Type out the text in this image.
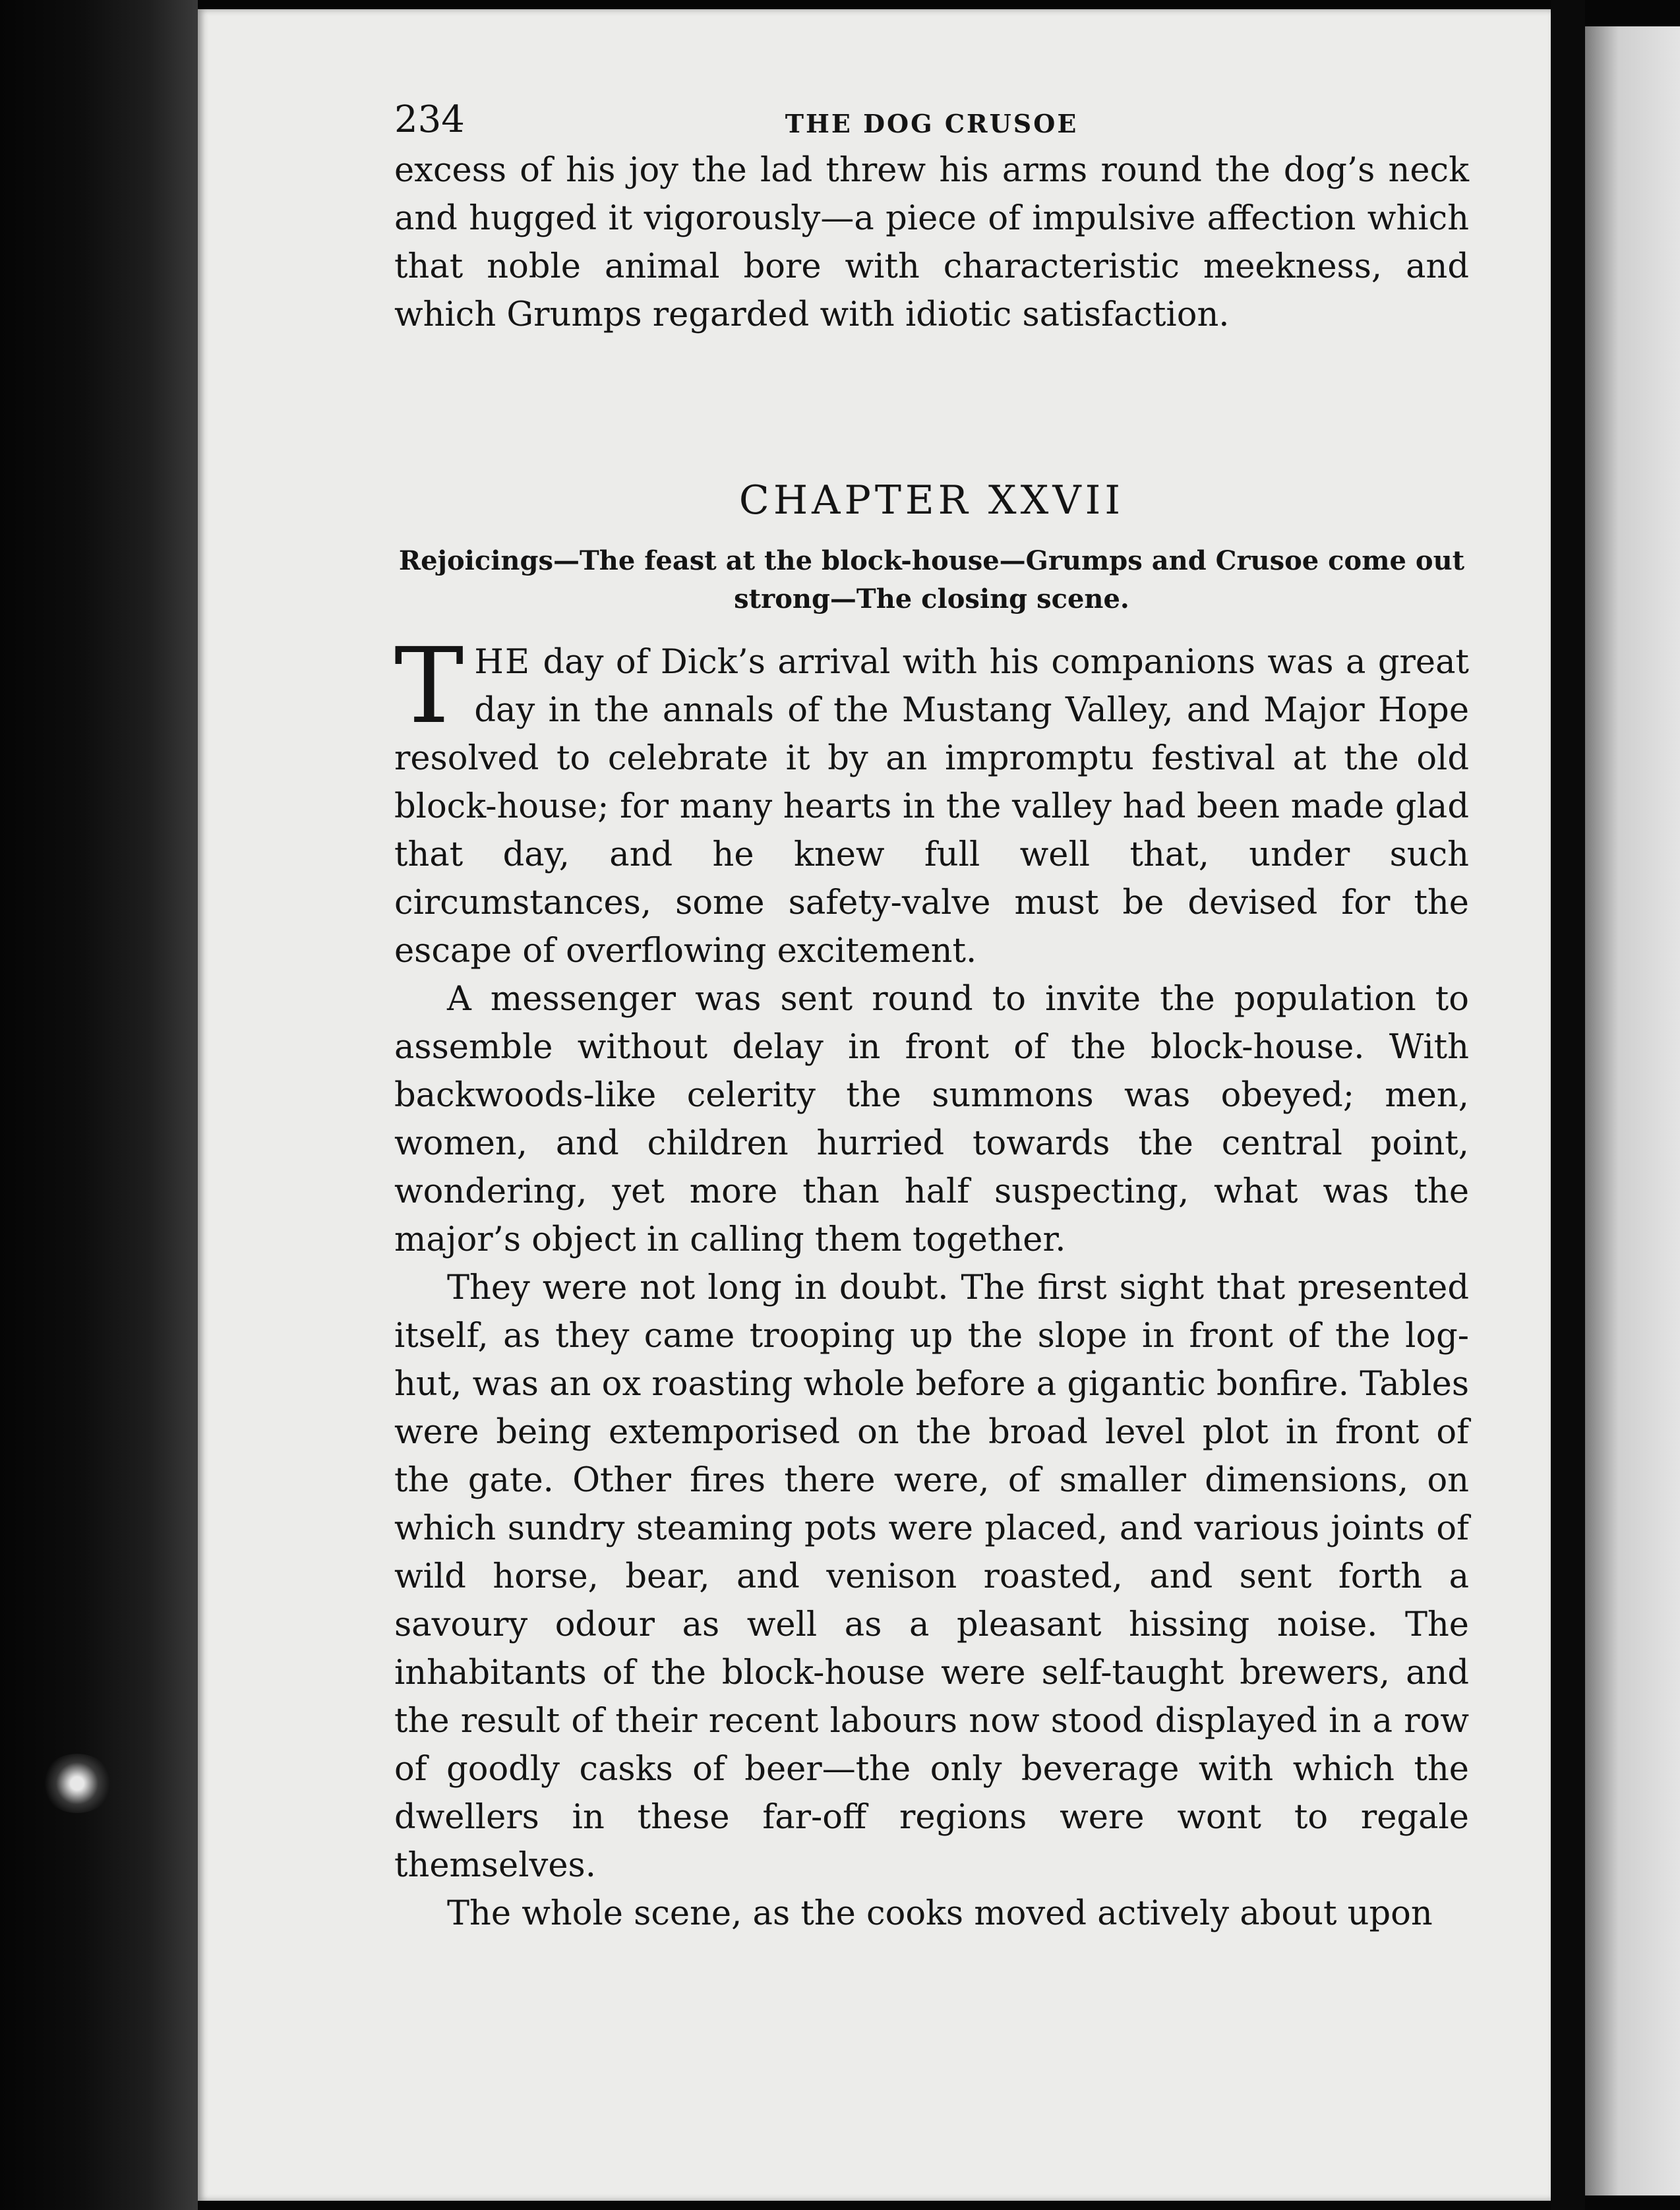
234	THE DOG CRUSOE

excess of his joy the lad threw his arms round the dog’s neck and hugged it vigorously—a piece of impulsive affection which that noble animal bore with characteristic meekness, and which Grumps regarded with idiotic satisfaction.

CHAPTER XXVII
Rejoicings—The feast at the block-house—Grumps and Crusoe come out strong—The closing scene.

THE day of Dick’s arrival with his companions was a great day in the annals of the Mustang Valley, and Major Hope resolved to celebrate it by an impromptu festival at the old block-house; for many hearts in the valley had been made glad that day, and he knew full well that, under such circumstances, some safety-valve must be devised for the escape of overflowing excitement.

A messenger was sent round to invite the population to assemble without delay in front of the block-house. With backwoods-like celerity the summons was obeyed; men, women, and children hurried towards the central point, wondering, yet more than half suspecting, what was the major’s object in calling them together.

They were not long in doubt. The first sight that presented itself, as they came trooping up the slope in front of the log-hut, was an ox roasting whole before a gigantic bonfire. Tables were being extemporised on the broad level plot in front of the gate. Other fires there were, of smaller dimensions, on which sundry steaming pots were placed, and various joints of wild horse, bear, and venison roasted, and sent forth a savoury odour as well as a pleasant hissing noise. The inhabitants of the block-house were self-taught brewers, and the result of their recent labours now stood displayed in a row of goodly casks of beer—the only beverage with which the dwellers in these far-off regions were wont to regale themselves.

The whole scene, as the cooks moved actively about upon
